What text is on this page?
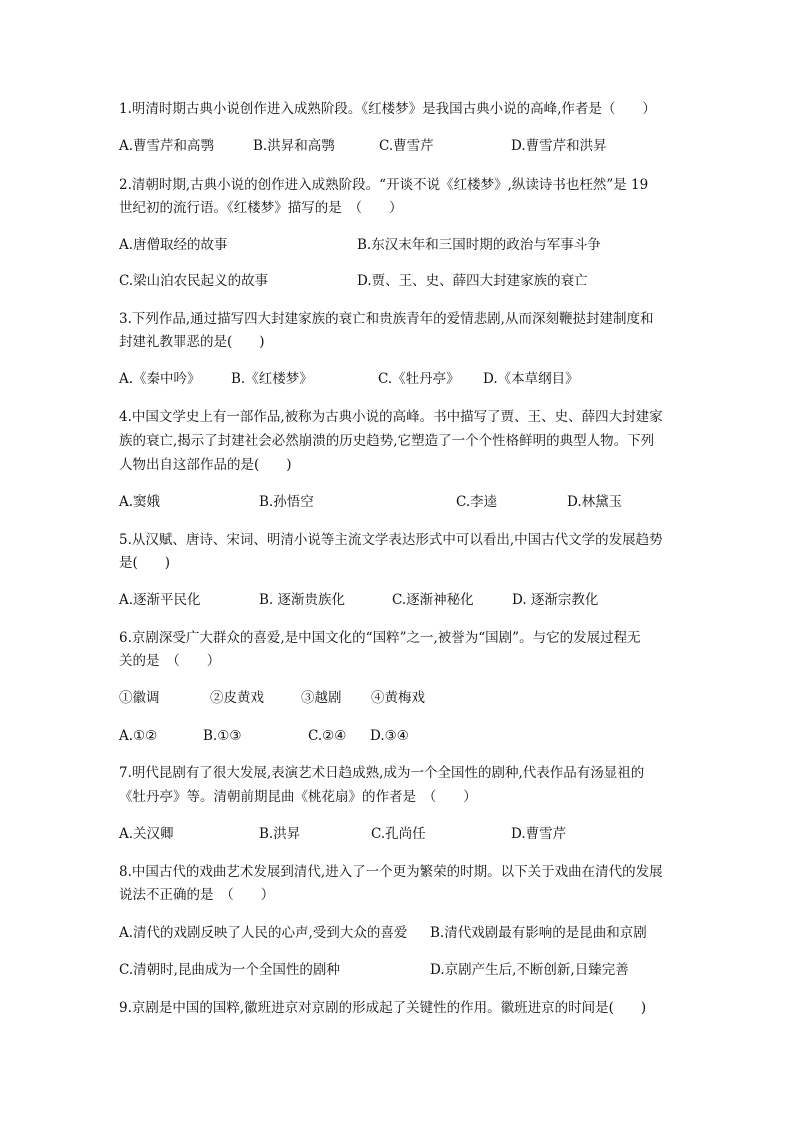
1.明清时期古典小说创作进入成熟阶段。《红楼梦》是我国古典小说的高峰,作者是（　　）
A.曹雪芹和高鹗	B.洪昇和高鹗	C.曹雪芹	D.曹雪芹和洪昇
2.清朝时期,古典小说的创作进入成熟阶段。“开谈不说《红楼梦》,纵读诗书也枉然”是 19
世纪初的流行语。《红楼梦》描写的是　（　　）
A.唐僧取经的故事	B.东汉末年和三国时期的政治与军事斗争
C.梁山泊农民起义的故事	D.贾、王、史、薛四大封建家族的衰亡
3.下列作品,通过描写四大封建家族的衰亡和贵族青年的爱情悲剧,从而深刻鞭挞封建制度和
封建礼教罪恶的是(　　)
A.《秦中吟》 B.《红楼梦》	C.《牡丹亭》 D.《本草纲目》
4.中国文学史上有一部作品,被称为古典小说的高峰。书中描写了贾、王、史、薛四大封建家
族的衰亡,揭示了封建社会必然崩溃的历史趋势,它塑造了一个个性格鲜明的典型人物。下列
人物出自这部作品的是(　　)
A.窦娥	B.孙悟空	C.李逵	D.林黛玉
5.从汉赋、唐诗、宋词、明清小说等主流文学表达形式中可以看出,中国古代文学的发展趋势
是(　　)
A.逐渐平民化	B. 逐渐贵族化	C.逐渐神秘化	D. 逐渐宗教化
6.京剧深受广大群众的喜爱,是中国文化的“国粹”之一,被誉为“国剧”。与它的发展过程无
关的是　（　　）
①徽调	②皮黄戏	③越剧 ④黄梅戏
A.①②	B.①③	C.②④ D.③④
7.明代昆剧有了很大发展,表演艺术日趋成熟,成为一个全国性的剧种,代表作品有汤显祖的
《牡丹亭》等。清朝前期昆曲《桃花扇》的作者是　（　　）
A.关汉卿	B.洪昇	C.孔尚任	D.曹雪芹
8.中国古代的戏曲艺术发展到清代,进入了一个更为繁荣的时期。以下关于戏曲在清代的发展
说法不正确的是　（　　）
A.清代的戏剧反映了人民的心声,受到大众的喜爱 B.清代戏剧最有影响的是昆曲和京剧
C.清朝时,昆曲成为一个全国性的剧种	D.京剧产生后,不断创新,日臻完善
9.京剧是中国的国粹,徽班进京对京剧的形成起了关键性的作用。徽班进京的时间是(　　)
